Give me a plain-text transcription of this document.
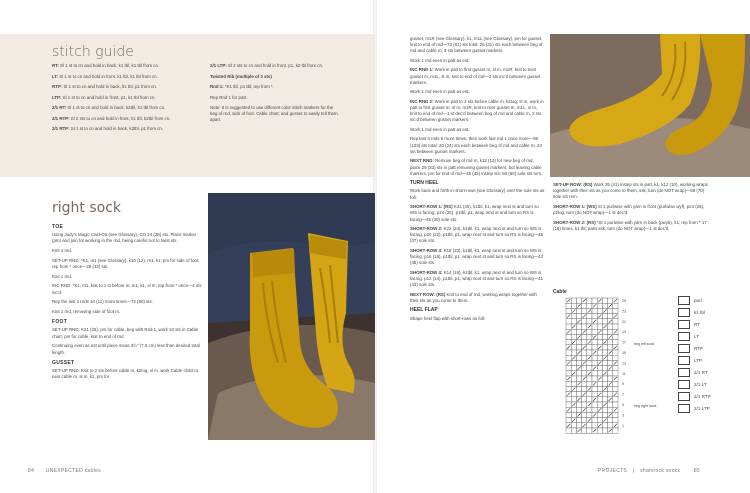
stitch guide

RT: Sl 1 st to cn and hold in back, k1 tbl, k1 tbl from cn.

LT: Sl 1 st to cn and hold in front, k1 tbl, k1 tbl from cn.

RTP: Sl 1 st to cn and hold in back, k1 tbl, p1 from cn.

LTP: Sl 1 st to cn and hold in front, p1, k1 tbl from cn.

2/1 RT: Sl 1 st to cn and hold in back, k2tbl, k1 tbl from cn.

2/1 RTP: Sl 2 sts to cn and hold in front, k1 tbl, k2tbl from cn.

2/1 RTP: Sl 1 st to cn and hold in back, k2tbl, p1 from cn.

2/1 LTP: Sl 2 sts to cn and hold in front, p1, k2 tbl from cn.

Twisted Rib (multiple of 2 sts)

Rnd 1: *K1 tbl, p1 tbl; rep from *.

Rep Rnd 1 for patt.

Note: It is suggested to use different color stitch markers for the beg of rnd, side of foot. Cable chart, and gusset to easily tell them apart.

right sock
TOE

Using Judy's Magic Cast-On (see Glossary), CO 24 (28) sts. Place marker (pm) and join for working in the rnd, being careful not to twist sts.

Knit 1 rnd.

SET-UP RND: *K1, m1 (see Glossary), k10 (12), m1, k1; pm for side of foot; rep from * once—28 (32) sts.

Knit 1 rnd.

INC RND: *K1, m1, knit to 1 st before m, m1, k1, sl m; rep from * once—4 sts inc'd.

Rep the last 2 rnds 10 (11) more times—72 (80) sts.

Knit 1 rnd, removing side of foot m.

FOOT

SET-UP RND: K21 (25), pm for cable, beg with Rnd 1, work 10 sts in Cable chart, pm for cable, knit to end of rnd.

Continuing even as est until piece meas 3½" (7.5 cm) less than desired total length.

GUSSET

SET-UP RND: Knit to 2 sts before cable m, k2tog, sl m, work Cable chart to next cable m, sl m, k1, pm for

gusset, m1R (see Glossary), k1, m1L (see Glossary), pm for gusset, knit to end of rnd—73 (81) sts total: 26 (31) sts each between beg of rnd and cable m, 3 sts between gusset markers.

Work 1 rnd even in patt as est.

INC RND 1: Work in patt to first gusset m, sl m, m1R, knit to next gusset m, m1L, sl m, knit to end of rnd—2 sts inc'd between gusset markers.

Work 1 rnd even in patt as est.

INC RND 2: Work in patt to 2 sts before cable m, k2tog, sl m, work in patt to first gusset m, sl m, m1R, knit to next gusset m, m1L, sl m, knit to end of rnd—1 st dec'd between beg of rnd and cable m, 2 sts inc'd between gusset markers.

Work 1 rnd even in patt as est.

Rep last 4 rnds 5 more times, then work last rnd 1 once more—95 (103) sts total: 20 (24) sts each between beg of rnd and cable m, 23 sts between gusset markers.

NEXT RND: Remove beg of rnd m, k12 (13) for new beg of rnd, place 29 (33) sts in patt removing gusset markers, but leaving cable markers, pm for end of rnd—35 (43) instep sts: 60 (60) sole sts rem.

TURN HEEL

Work back and forth in short-rows (see Glossary) over the sole sts as foll:

SHORT-ROW 1: (RS) K41 (45), k1tbl, k1, wrap next st and turn so WS is facing, p24 (26), p1tbl, p1, wrap next st and turn so RS is facing—45 (49) sole sts.

SHORT-ROW 2: K22 (24), k1tbl, k1, wrap next st and turn so WS is facing, p20 (22), p1tbl, p1, wrap next st and turn so RS is facing—45 (47) sole sts.

SHORT-ROW 3: K18 (20), k1tbl, k1, wrap next st and turn so WS is facing, p16 (18), p1tbl, p1, wrap next st and turn so RS is facing—43 (45) sole sts.

SHORT-ROW 4: K14 (16), k1tbl, k1, wrap next st and turn so WS is facing, p12 (14), p1tbl, p1, wrap next st and turn so RS is facing—41 (43) sole sts.

NEXT ROW: (RS) Knit to end of rnd, working wraps together with their sts as you come to them.

HEEL FLAP

Shape heel flap with short-rows as foll:

SET-UP ROW: (RS) Work 35 (41) instep sts in patt, k1, k12 (10), working wraps together with their sts as you come to them, ssk, turn (do NOT wrap)—58 (70) sole sts rem.

SHORT-ROW 1: (WS) Sl 1 purlwise with yarn in front (purlwise wyf), p24 (26), p2tog, turn (do NOT wrap)—1 st dec'd.

SHORT-ROW 2: (RS) *Sl 1 purlwise with yarn in back (pwyb), k1; rep from * 17 (19) times, k1 tbl; pass ssk, turn (do NOT wrap)—1 st dec'd.

Cable
25
23
21
19
17
15
13
11
9
7
5
3
1
beg left sock
beg right sock
purl
k1 tbl
RT
LT
RTP
LTP
2/1 RT
2/1 LT
2/1 RTP
2/1 LTP
84 UNEXPECTED cables	PROJECTS | shamrock socks	85
